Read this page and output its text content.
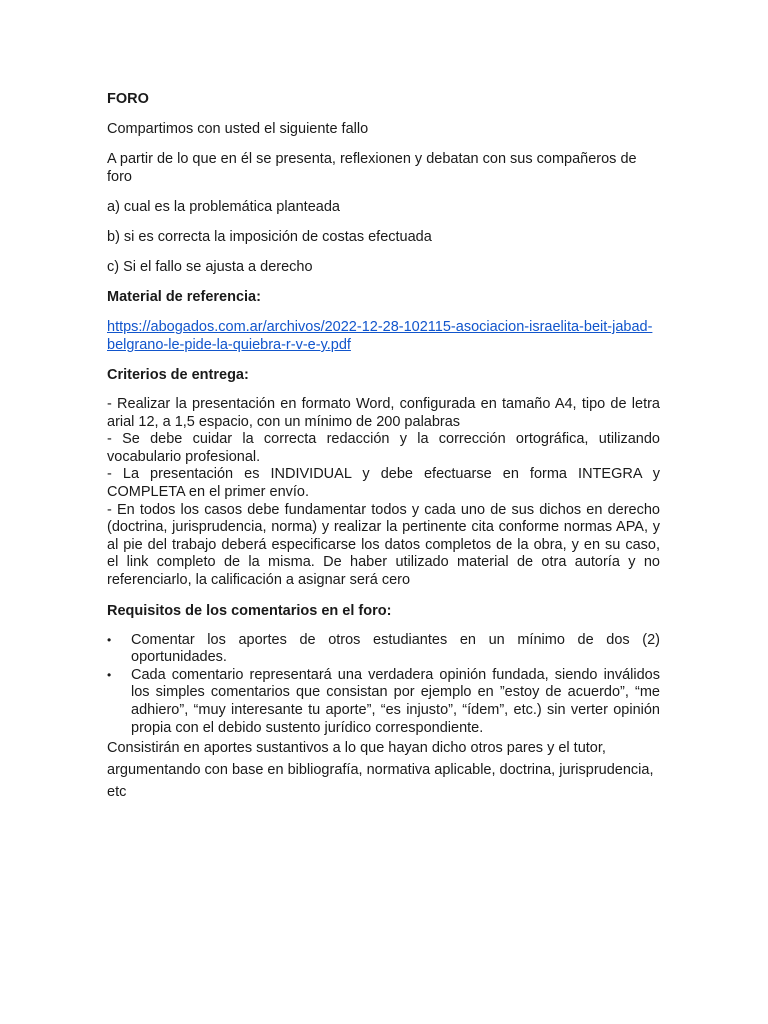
FORO
Compartimos con usted el siguiente fallo
A partir de lo que en él se presenta, reflexionen y debatan con sus compañeros de foro
a) cual es la problemática planteada
b) si es correcta la imposición de costas efectuada
c) Si el fallo se ajusta a derecho
Material de referencia:
https://abogados.com.ar/archivos/2022-12-28-102115-asociacion-israelita-beit-jabad-belgrano-le-pide-la-quiebra-r-v-e-y.pdf
Criterios de entrega:
- Realizar la presentación en formato Word, configurada en tamaño A4, tipo de letra arial 12, a 1,5 espacio, con un mínimo de 200 palabras
- Se debe cuidar la correcta redacción y la corrección ortográfica, utilizando vocabulario profesional.
- La presentación es INDIVIDUAL y debe efectuarse en forma INTEGRA y COMPLETA en el primer envío.
- En todos los casos debe fundamentar todos y cada uno de sus dichos en derecho (doctrina, jurisprudencia, norma) y realizar la pertinente cita conforme normas APA, y al pie del trabajo deberá especificarse los datos completos de la obra, y en su caso, el link completo de la misma. De haber utilizado material de otra autoría y no referenciarlo, la calificación a asignar será cero
Requisitos de los comentarios en el foro:
• Comentar los aportes de otros estudiantes en un mínimo de dos (2) oportunidades.
• Cada comentario representará una verdadera opinión fundada, siendo inválidos los simples comentarios que consistan por ejemplo en ”estoy de acuerdo”, “me adhiero”, “muy interesante tu aporte”, “es injusto”, “ídem”, etc.) sin verter opinión propia con el debido sustento jurídico correspondiente.

Consistirán en aportes sustantivos a lo que hayan dicho otros pares y el tutor, argumentando con base en bibliografía, normativa aplicable, doctrina, jurisprudencia, etc
